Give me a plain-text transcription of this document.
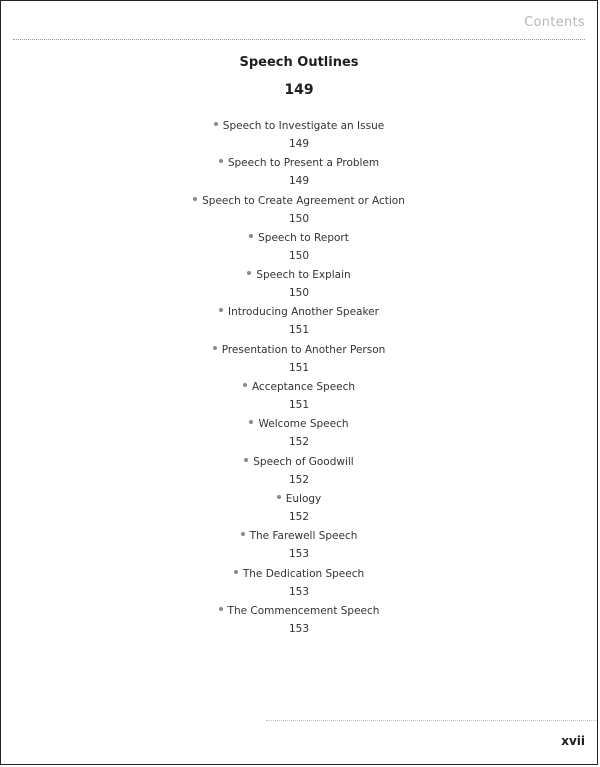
Contents
Speech Outlines
149
Speech to Investigate an Issue
149
Speech to Present a Problem
149
Speech to Create Agreement or Action
150
Speech to Report
150
Speech to Explain
150
Introducing Another Speaker
151
Presentation to Another Person
151
Acceptance Speech
151
Welcome Speech
152
Speech of Goodwill
152
Eulogy
152
The Farewell Speech
153
The Dedication Speech
153
The Commencement Speech
153
xvii
